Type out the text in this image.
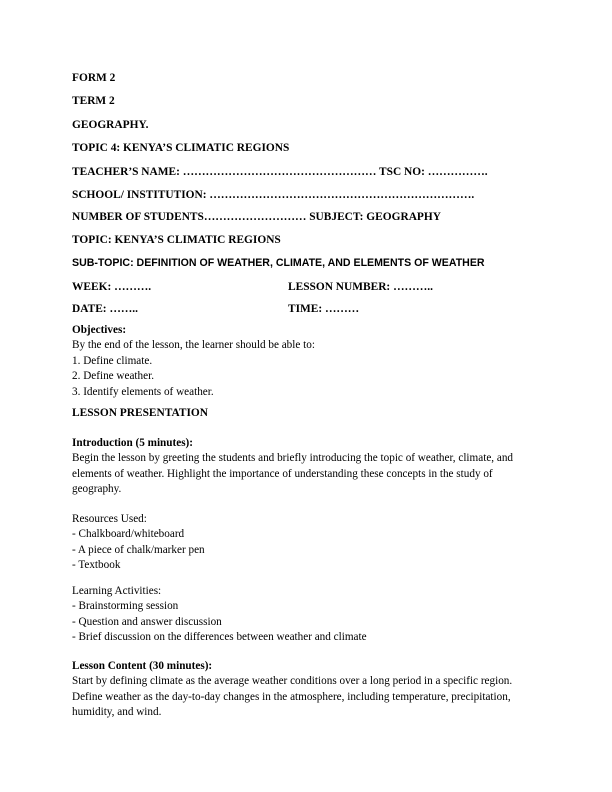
FORM 2
TERM 2
GEOGRAPHY.
TOPIC 4: KENYA’S CLIMATIC REGIONS
TEACHER’S NAME: …………………………………………… TSC NO: …………….
SCHOOL/ INSTITUTION: …………………………………………………………….
NUMBER OF STUDENTS……………………… SUBJECT: GEOGRAPHY
TOPIC: KENYA’S CLIMATIC REGIONS
SUB-TOPIC: DEFINITION OF WEATHER, CLIMATE, AND ELEMENTS OF WEATHER
WEEK: ……….	LESSON NUMBER: ………..
DATE: ……..	TIME: ………
Objectives:
By the end of the lesson, the learner should be able to:
1. Define climate.
2. Define weather.
3. Identify elements of weather.
LESSON PRESENTATION
Introduction (5 minutes):

Begin the lesson by greeting the students and briefly introducing the topic of weather, climate, and elements of weather. Highlight the importance of understanding these concepts in the study of geography.

Resources Used:
- Chalkboard/whiteboard
- A piece of chalk/marker pen
- Textbook
Learning Activities:
- Brainstorming session
- Question and answer discussion
- Brief discussion on the differences between weather and climate
Lesson Content (30 minutes):

Start by defining climate as the average weather conditions over a long period in a specific region. Define weather as the day-to-day changes in the atmosphere, including temperature, precipitation, humidity, and wind.
